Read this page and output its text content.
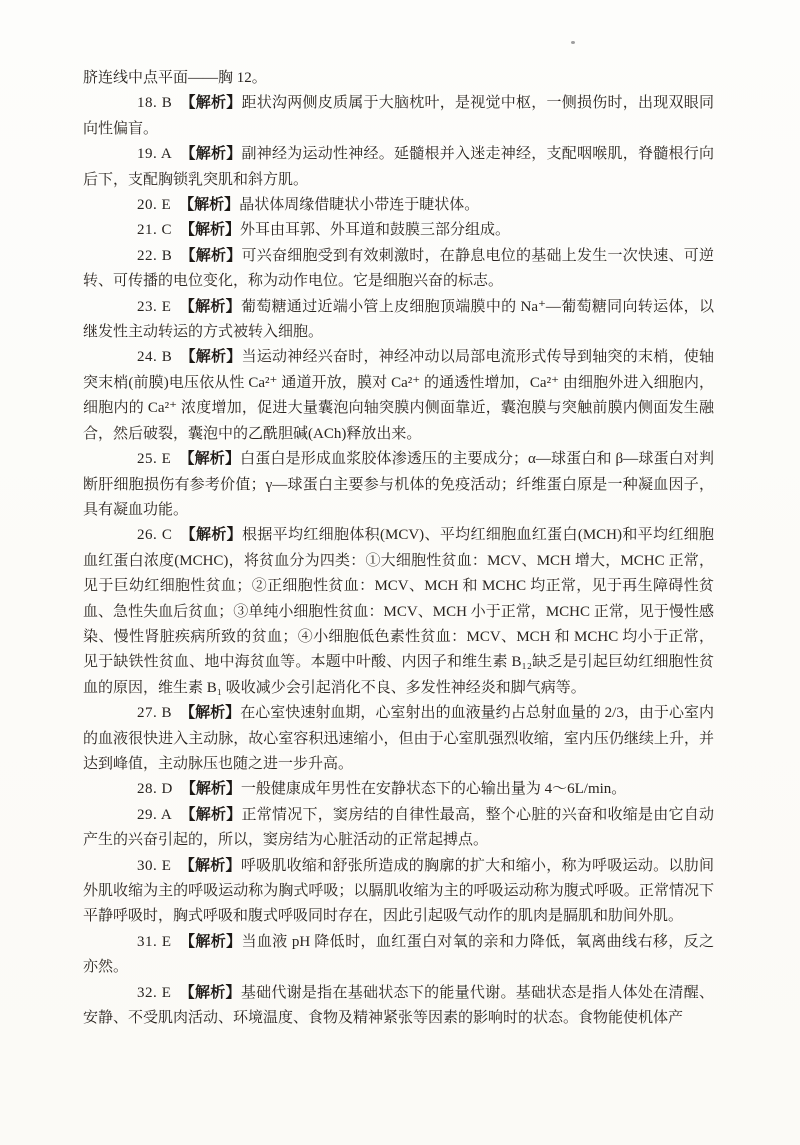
脐连线中点平面——胸 12。

18. B 【解析】距状沟两侧皮质属于大脑枕叶，是视觉中枢，一侧损伤时，出现双眼同向性偏盲。

19. A 【解析】副神经为运动性神经。延髓根并入迷走神经，支配咽喉肌，脊髓根行向后下，支配胸锁乳突肌和斜方肌。

20. E 【解析】晶状体周缘借睫状小带连于睫状体。

21. C 【解析】外耳由耳郭、外耳道和鼓膜三部分组成。

22. B 【解析】可兴奋细胞受到有效刺激时，在静息电位的基础上发生一次快速、可逆转、可传播的电位变化，称为动作电位。它是细胞兴奋的标志。

23. E 【解析】葡萄糖通过近端小管上皮细胞顶端膜中的 Na⁺—葡萄糖同向转运体，以继发性主动转运的方式被转入细胞。

24. B 【解析】当运动神经兴奋时，神经冲动以局部电流形式传导到轴突的末梢，使轴突末梢(前膜)电压依从性 Ca²⁺ 通道开放，膜对 Ca²⁺ 的通透性增加，Ca²⁺ 由细胞外进入细胞内，细胞内的 Ca²⁺ 浓度增加，促进大量囊泡向轴突膜内侧面靠近，囊泡膜与突触前膜内侧面发生融合，然后破裂，囊泡中的乙酰胆碱(ACh)释放出来。

25. E 【解析】白蛋白是形成血浆胶体渗透压的主要成分；α—球蛋白和 β—球蛋白对判断肝细胞损伤有参考价值；γ—球蛋白主要参与机体的免疫活动；纤维蛋白原是一种凝血因子，具有凝血功能。

26. C 【解析】根据平均红细胞体积(MCV)、平均红细胞血红蛋白(MCH)和平均红细胞血红蛋白浓度(MCHC)，将贫血分为四类：①大细胞性贫血：MCV、MCH 增大，MCHC 正常，见于巨幼红细胞性贫血；②正细胞性贫血：MCV、MCH 和 MCHC 均正常，见于再生障碍性贫血、急性失血后贫血；③单纯小细胞性贫血：MCV、MCH 小于正常，MCHC 正常，见于慢性感染、慢性肾脏疾病所致的贫血；④小细胞低色素性贫血：MCV、MCH 和 MCHC 均小于正常，见于缺铁性贫血、地中海贫血等。本题中叶酸、内因子和维生素 B₁₂缺乏是引起巨幼红细胞性贫血的原因，维生素 B₁ 吸收减少会引起消化不良、多发性神经炎和脚气病等。

27. B 【解析】在心室快速射血期，心室射出的血液量约占总射血量的 2/3，由于心室内的血液很快进入主动脉，故心室容积迅速缩小，但由于心室肌强烈收缩，室内压仍继续上升，并达到峰值，主动脉压也随之进一步升高。

28. D 【解析】一般健康成年男性在安静状态下的心输出量为 4～6L/min。

29. A 【解析】正常情况下，窦房结的自律性最高，整个心脏的兴奋和收缩是由它自动产生的兴奋引起的，所以，窦房结为心脏活动的正常起搏点。

30. E 【解析】呼吸肌收缩和舒张所造成的胸廓的扩大和缩小，称为呼吸运动。以肋间外肌收缩为主的呼吸运动称为胸式呼吸；以膈肌收缩为主的呼吸运动称为腹式呼吸。正常情况下平静呼吸时，胸式呼吸和腹式呼吸同时存在，因此引起吸气动作的肌肉是膈肌和肋间外肌。

31. E 【解析】当血液 pH 降低时，血红蛋白对氧的亲和力降低，氧离曲线右移，反之亦然。

32. E 【解析】基础代谢是指在基础状态下的能量代谢。基础状态是指人体处在清醒、安静、不受肌肉活动、环境温度、食物及精神紧张等因素的影响时的状态。食物能使机体产
